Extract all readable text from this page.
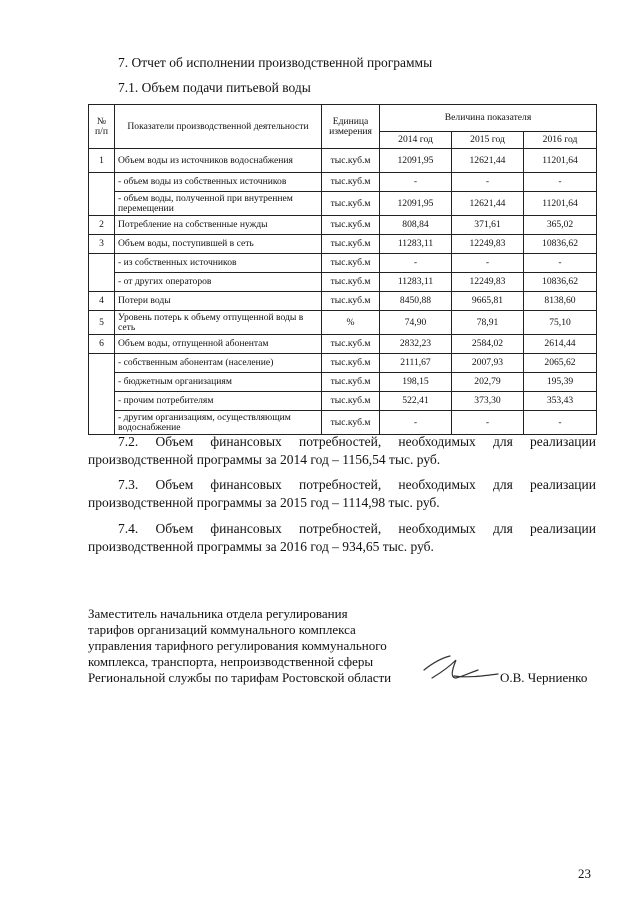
7. Отчет об исполнении производственной программы
7.1. Объем подачи питьевой воды
№ п/п	Показатели производственной деятельности	Единица измерения	Величина показателя		
			2014 год	2015 год	2016 год
1	Объем воды из источников водоснабжения	тыс.куб.м	12091,95	12621,44	11201,64
	- объем воды из собственных источников	тыс.куб.м	-	-	-
	- объем воды, полученной при внутреннем перемещении	тыс.куб.м	12091,95	12621,44	11201,64
2	Потребление на собственные нужды	тыс.куб.м	808,84	371,61	365,02
3	Объем воды, поступившей в сеть	тыс.куб.м	11283,11	12249,83	10836,62
	- из собственных источников	тыс.куб.м	-	-	-
	- от других операторов	тыс.куб.м	11283,11	12249,83	10836,62
4	Потери воды	тыс.куб.м	8450,88	9665,81	8138,60
5	Уровень потерь к объему отпущенной воды в сеть	%	74,90	78,91	75,10
6	Объем воды, отпущенной абонентам	тыс.куб.м	2832,23	2584,02	2614,44
	- собственным абонентам (население)	тыс.куб.м	2111,67	2007,93	2065,62
	- бюджетным организациям	тыс.куб.м	198,15	202,79	195,39
	- прочим потребителям	тыс.куб.м	522,41	373,30	353,43
	- другим организациям, осуществляющим водоснабжение	тыс.куб.м	-	-	-
7.2. Объем финансовых потребностей, необходимых для реализации
производственной программы за 2014 год – 1156,54 тыс. руб.
7.3. Объем финансовых потребностей, необходимых для реализации
производственной программы за 2015 год – 1114,98 тыс. руб.
7.4. Объем финансовых потребностей, необходимых для реализации
производственной программы за 2016 год – 934,65 тыс. руб.
Заместитель начальника отдела регулирования
тарифов организаций коммунального комплекса
управления тарифного регулирования коммунального
комплекса, транспорта, непроизводственной сферы
Региональной службы по тарифам Ростовской области	О.В. Черниенко
23
